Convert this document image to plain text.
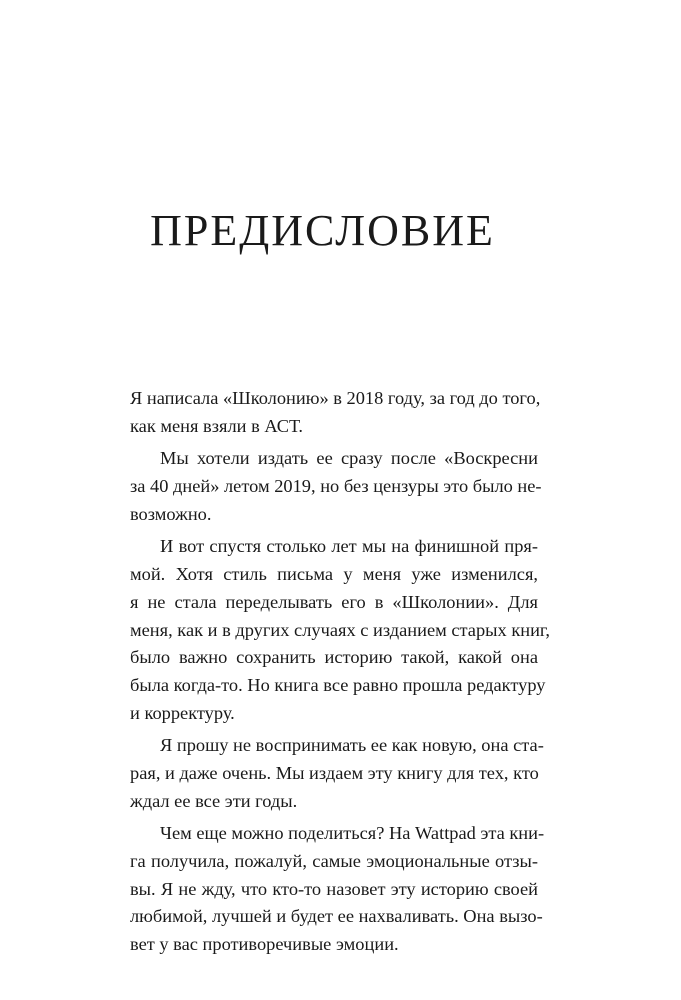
ПРЕДИСЛОВИЕ
Я написала «Школонию» в 2018 году, за год до того,
как меня взяли в АСТ.
Мы хотели издать ее сразу после «Воскресни
за 40 дней» летом 2019, но без цензуры это было не-
возможно.
И вот спустя столько лет мы на финишной пря-
мой. Хотя стиль письма у меня уже изменился,
я не стала переделывать его в «Школонии». Для
меня, как и в других случаях с изданием старых книг,
было важно сохранить историю такой, какой она
была когда-то. Но книга все равно прошла редактуру
и корректуру.
Я прошу не воспринимать ее как новую, она ста-
рая, и даже очень. Мы издаем эту книгу для тех, кто
ждал ее все эти годы.
Чем еще можно поделиться? На Wattpad эта кни-
га получила, пожалуй, самые эмоциональные отзы-
вы. Я не жду, что кто-то назовет эту историю своей
любимой, лучшей и будет ее нахваливать. Она вызо-
вет у вас противоречивые эмоции.
